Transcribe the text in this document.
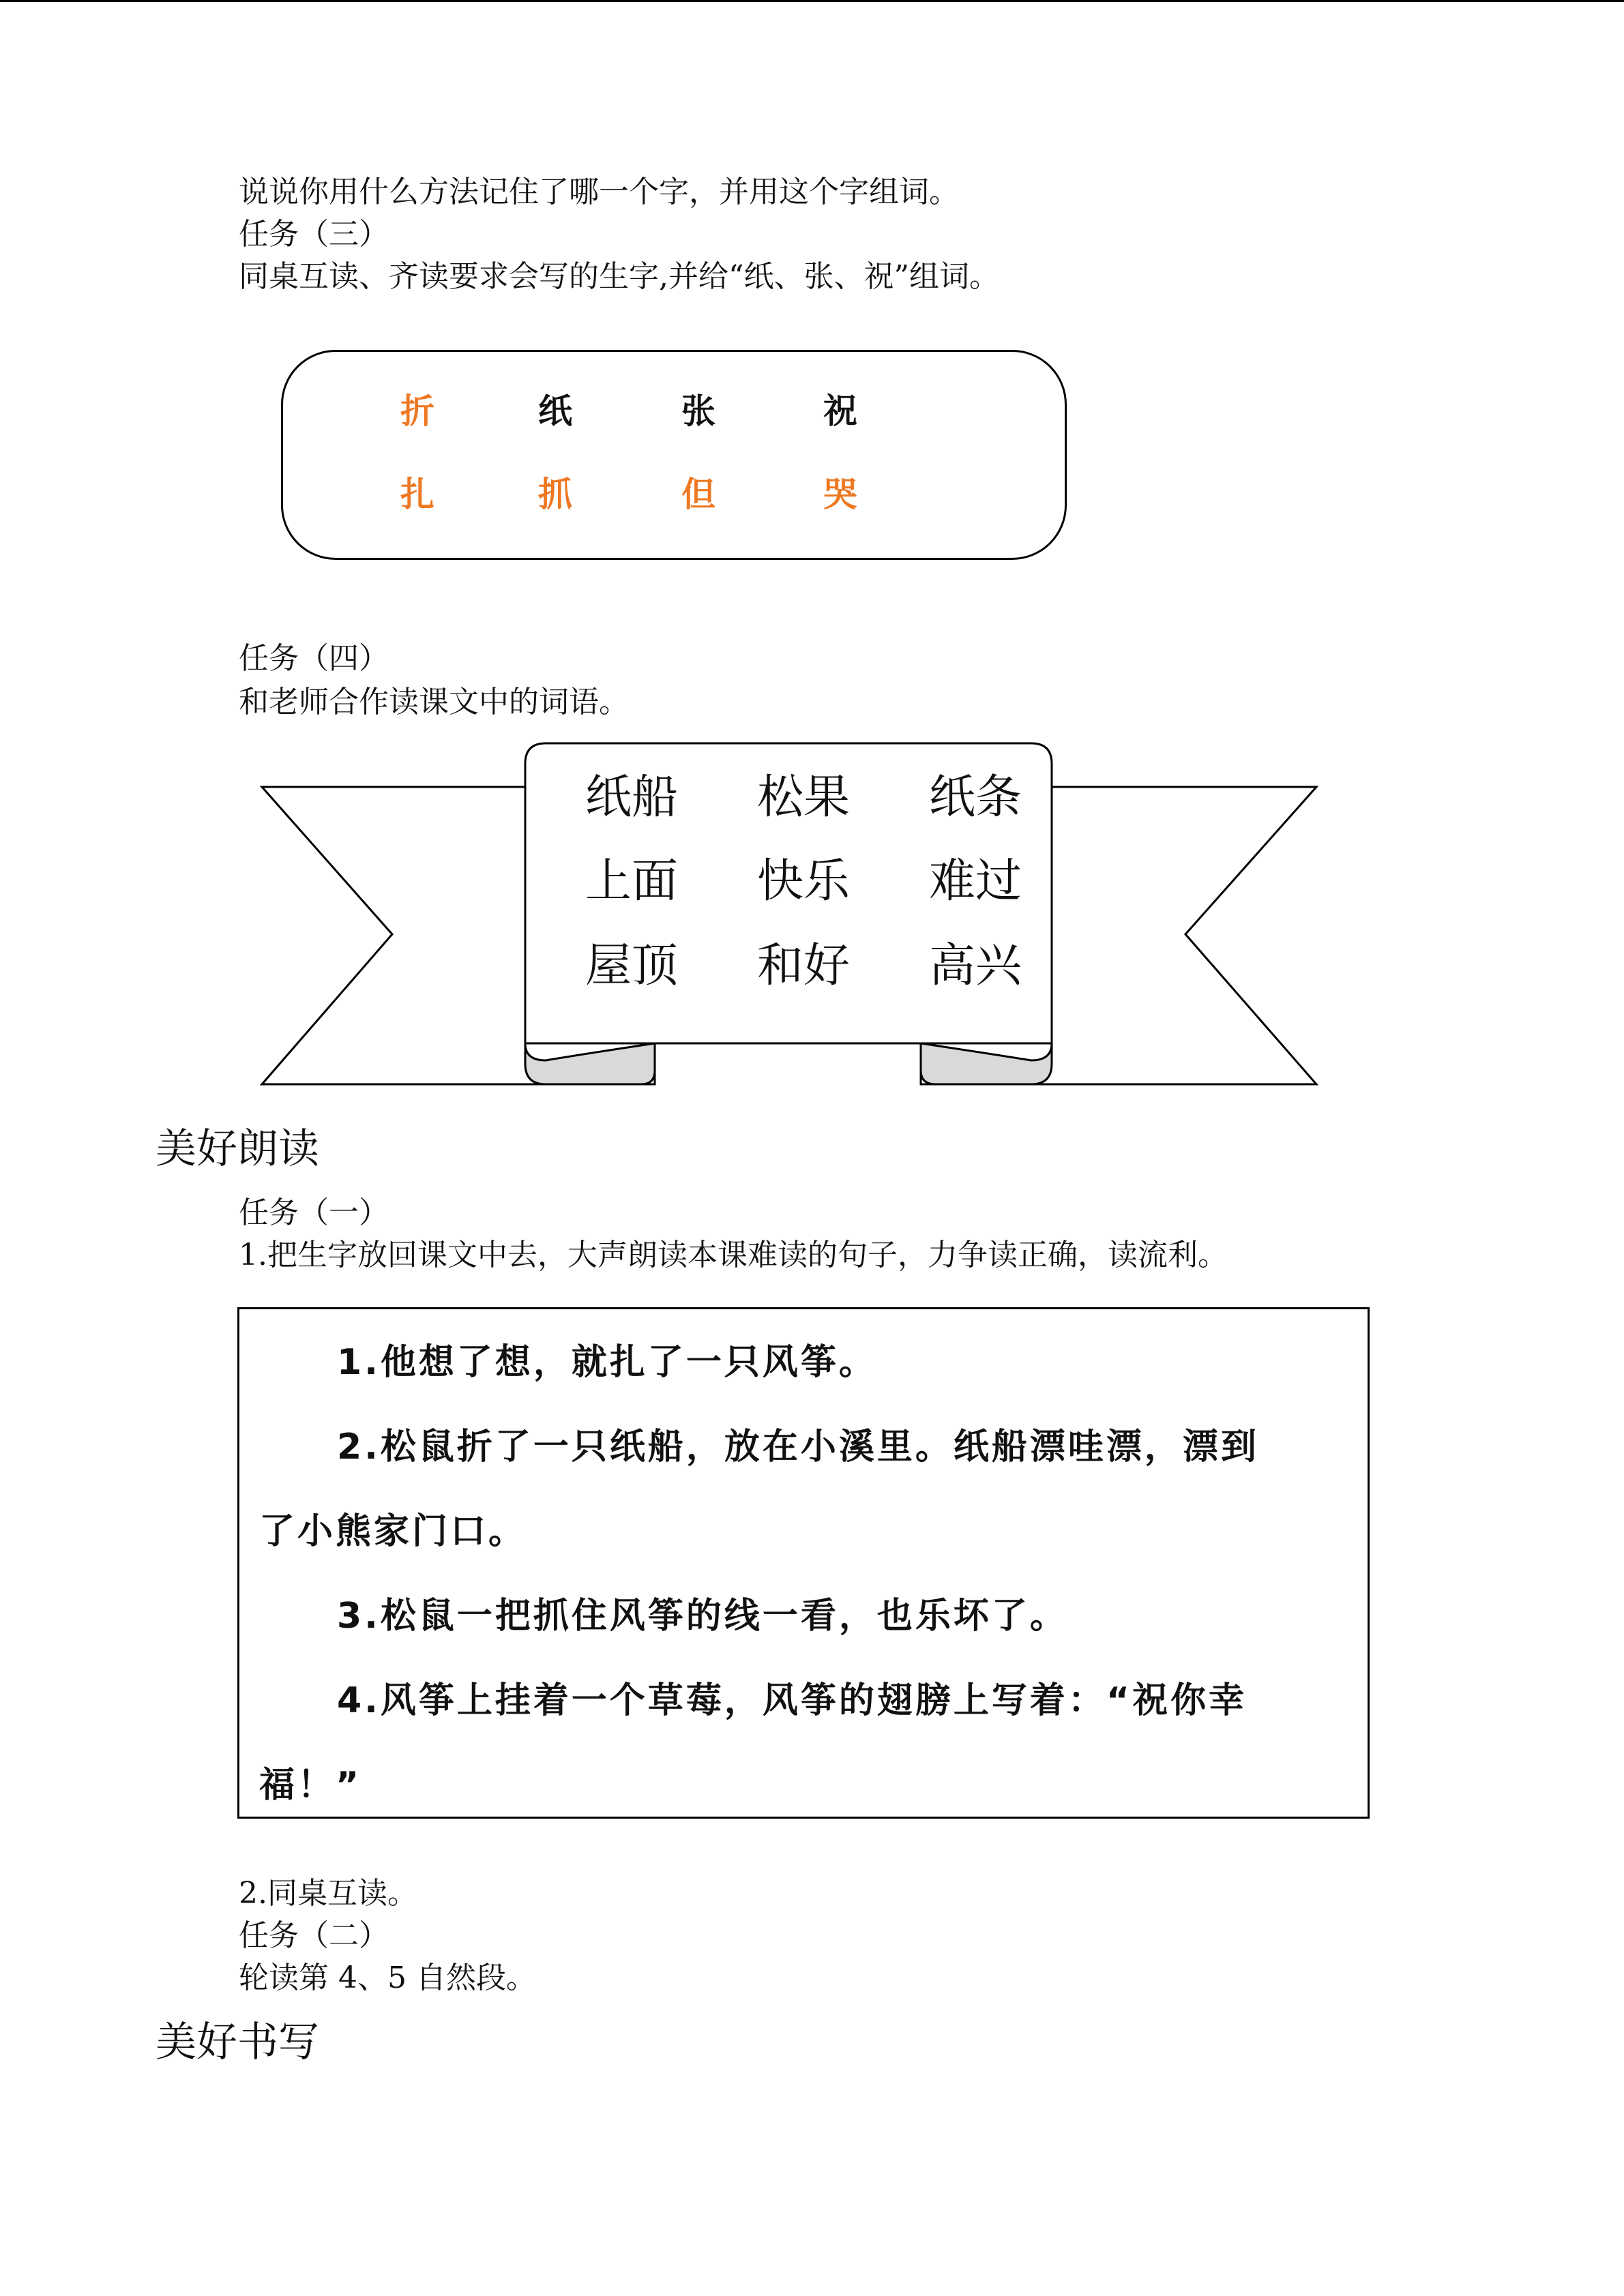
说说你用什么方法记住了哪一个字，并用这个字组词。
任务（三）
同桌互读、齐读要求会写的生字,并给“纸、张、祝”组词。
折	纸	张	祝
扎	抓	但	哭
任务（四）
和老师合作读课文中的词语。
纸船	松果	纸条
上面	快乐	难过
屋顶	和好	高兴
美好朗读
任务（一）
1.把生字放回课文中去，大声朗读本课难读的句子，力争读正确，读流利。
1.他想了想，就扎了一只风筝。
2.松鼠折了一只纸船，放在小溪里。纸船漂哇漂，漂到
了小熊家门口。
3.松鼠一把抓住风筝的线一看，也乐坏了。
4.风筝上挂着一个草莓，风筝的翅膀上写着：“祝你幸
福！”
2.同桌互读。
任务（二）
轮读第 4、5 自然段。
美好书写
